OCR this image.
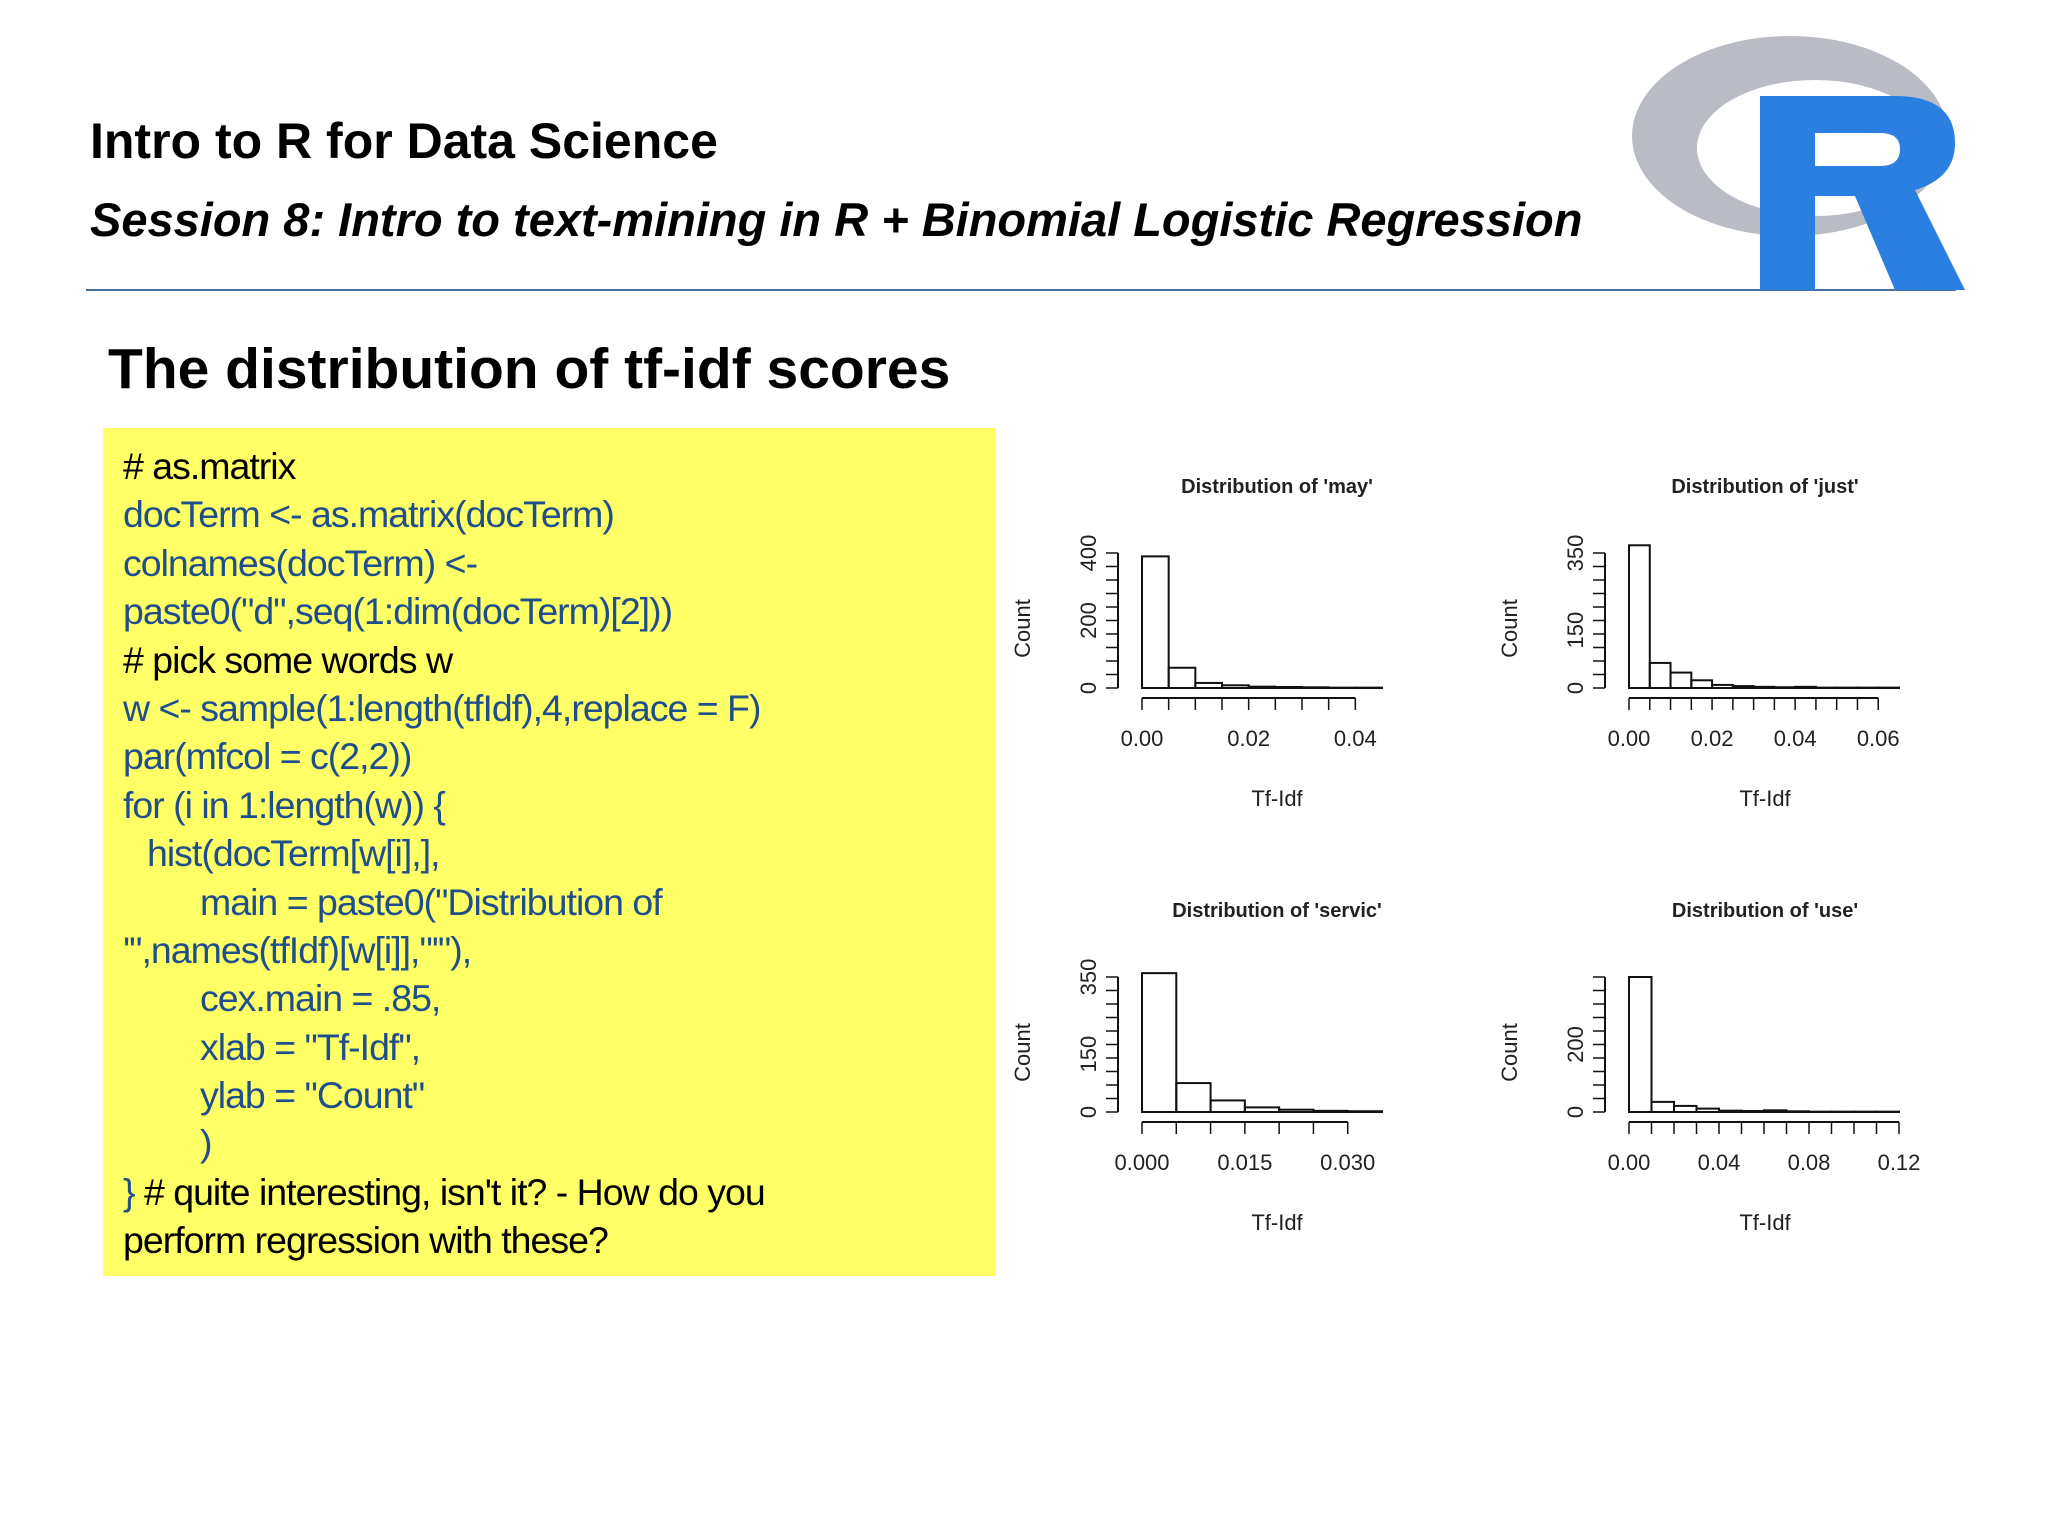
Intro to R for Data Science
Session 8: Intro to text-mining in R + Binomial Logistic Regression
The distribution of tf-idf scores
# as.matrix
docTerm <- as.matrix(docTerm)
colnames(docTerm) <-
paste0("d",seq(1:dim(docTerm)[2]))
# pick some words w
w <- sample(1:length(tfIdf),4,replace = F)
par(mfcol = c(2,2))
for (i in 1:length(w)) {
hist(docTerm[w[i],],
main = paste0("Distribution of
'",names(tfIdf)[w[i]],"'"),
cex.main = .85,
xlab = "Tf-Idf",
ylab = "Count"
)
} # quite interesting, isn't it? - How do you
perform regression with these?
Distribution of 'may'
0.00	0.02	0.04
Tf-Idf
0
200
400
Count
Distribution of 'servic'
0.000 0.015 0.030
Tf-Idf
0
150
350
Count
Distribution of 'just'
0.00 0.02 0.04 0.06
Tf-Idf
0
150
350
Count
Distribution of 'use'
0.00 0.04 0.08 0.12
Tf-Idf
0
200
Count
